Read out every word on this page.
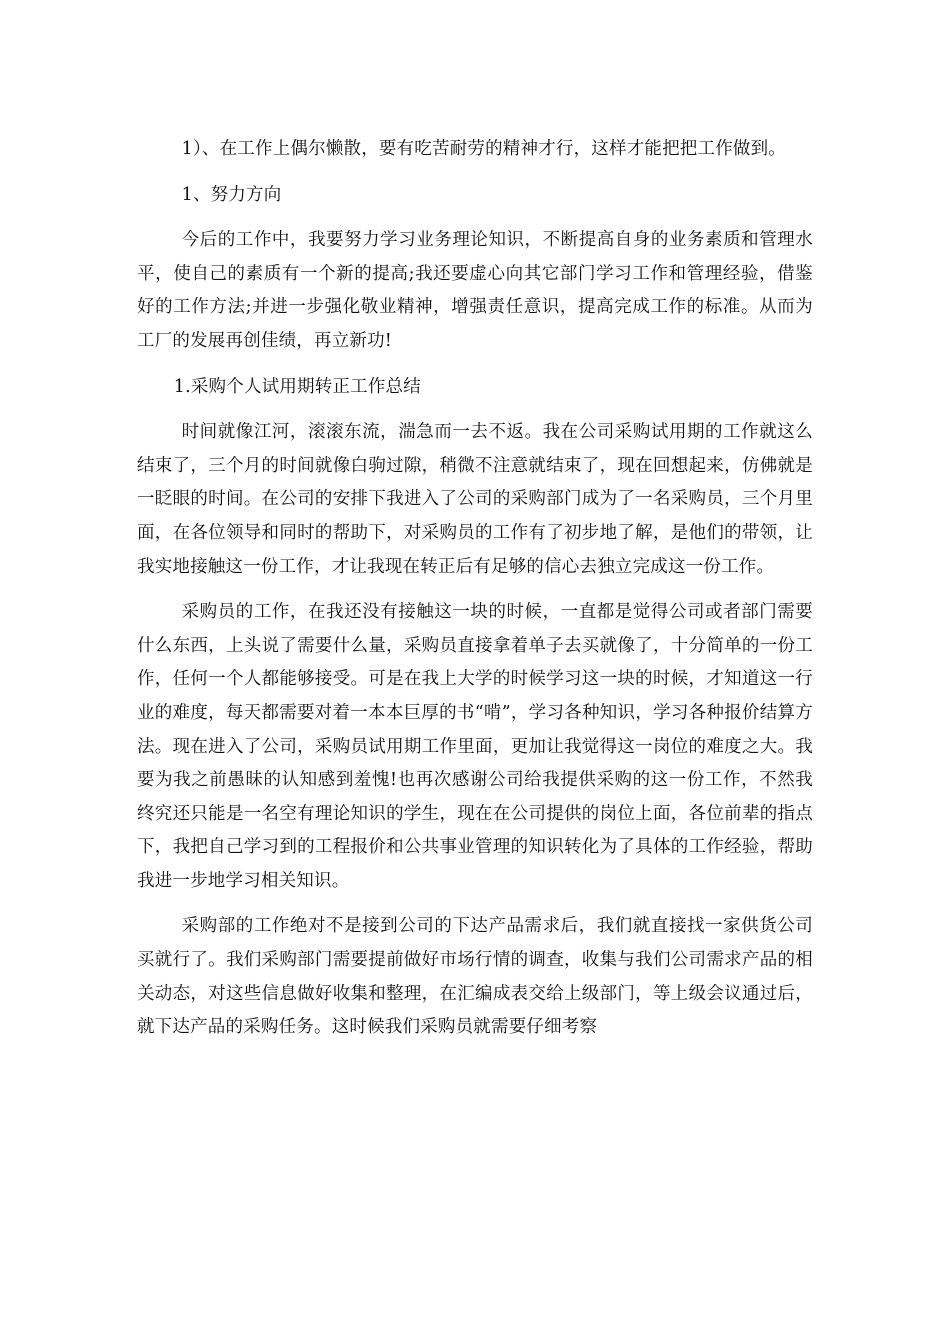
1）、在工作上偶尔懒散，要有吃苦耐劳的精神才行，这样才能把把工作做到。

1、努力方向

今后的工作中，我要努力学习业务理论知识，不断提高自身的业务素质和管理水平，使自己的素质有一个新的提高;我还要虚心向其它部门学习工作和管理经验，借鉴好的工作方法;并进一步强化敬业精神，增强责任意识，提高完成工作的标准。从而为工厂的发展再创佳绩，再立新功!

1.采购个人试用期转正工作总结

时间就像江河，滚滚东流，湍急而一去不返。我在公司采购试用期的工作就这么结束了，三个月的时间就像白驹过隙，稍微不注意就结束了，现在回想起来，仿佛就是一眨眼的时间。在公司的安排下我进入了公司的采购部门成为了一名采购员，三个月里面，在各位领导和同时的帮助下，对采购员的工作有了初步地了解，是他们的带领，让我实地接触这一份工作，才让我现在转正后有足够的信心去独立完成这一份工作。

采购员的工作，在我还没有接触这一块的时候，一直都是觉得公司或者部门需要什么东西，上头说了需要什么量，采购员直接拿着单子去买就像了，十分简单的一份工作，任何一个人都能够接受。可是在我上大学的时候学习这一块的时候，才知道这一行业的难度，每天都需要对着一本本巨厚的书“啃”，学习各种知识，学习各种报价结算方法。现在进入了公司，采购员试用期工作里面，更加让我觉得这一岗位的难度之大。我要为我之前愚昧的认知感到羞愧!也再次感谢公司给我提供采购的这一份工作，不然我终究还只能是一名空有理论知识的学生，现在在公司提供的岗位上面，各位前辈的指点下，我把自己学习到的工程报价和公共事业管理的知识转化为了具体的工作经验，帮助我进一步地学习相关知识。

采购部的工作绝对不是接到公司的下达产品需求后，我们就直接找一家供货公司买就行了。我们采购部门需要提前做好市场行情的调查，收集与我们公司需求产品的相关动态，对这些信息做好收集和整理，在汇编成表交给上级部门，等上级会议通过后，就下达产品的采购任务。这时候我们采购员就需要仔细考察
